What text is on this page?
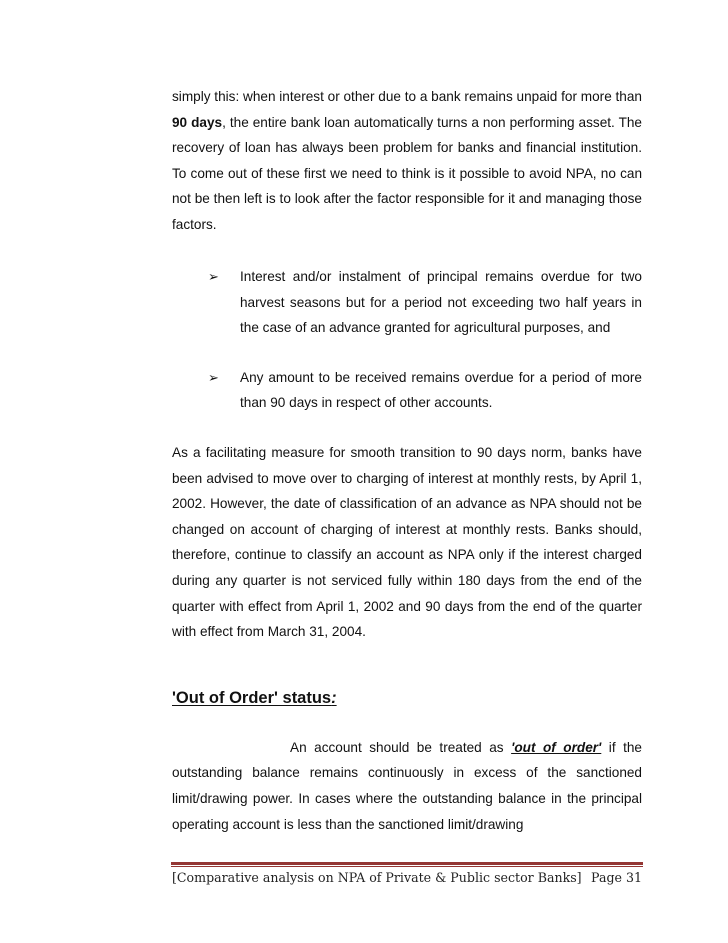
simply this: when interest or other due to a bank remains unpaid for more than 90 days, the entire bank loan automatically turns a non performing asset. The recovery of loan has always been problem for banks and financial institution. To come out of these first we need to think is it possible to avoid NPA, no can not be then left is to look after the factor responsible for it and managing those factors.

➢ Interest and/or instalment of principal remains overdue for two harvest seasons but for a period not exceeding two half years in the case of an advance granted for agricultural purposes, and
➢ Any amount to be received remains overdue for a period of more than 90 days in respect of other accounts.

As a facilitating measure for smooth transition to 90 days norm, banks have been advised to move over to charging of interest at monthly rests, by April 1, 2002. However, the date of classification of an advance as NPA should not be changed on account of charging of interest at monthly rests. Banks should, therefore, continue to classify an account as NPA only if the interest charged during any quarter is not serviced fully within 180 days from the end of the quarter with effect from April 1, 2002 and 90 days from the end of the quarter with effect from March 31, 2004.

'Out of Order' status:

An account should be treated as 'out of order' if the outstanding balance remains continuously in excess of the sanctioned limit/drawing power. In cases where the outstanding balance in the principal operating account is less than the sanctioned limit/drawing

[Comparative analysis on NPA of Private & Public sector Banks] Page 31
